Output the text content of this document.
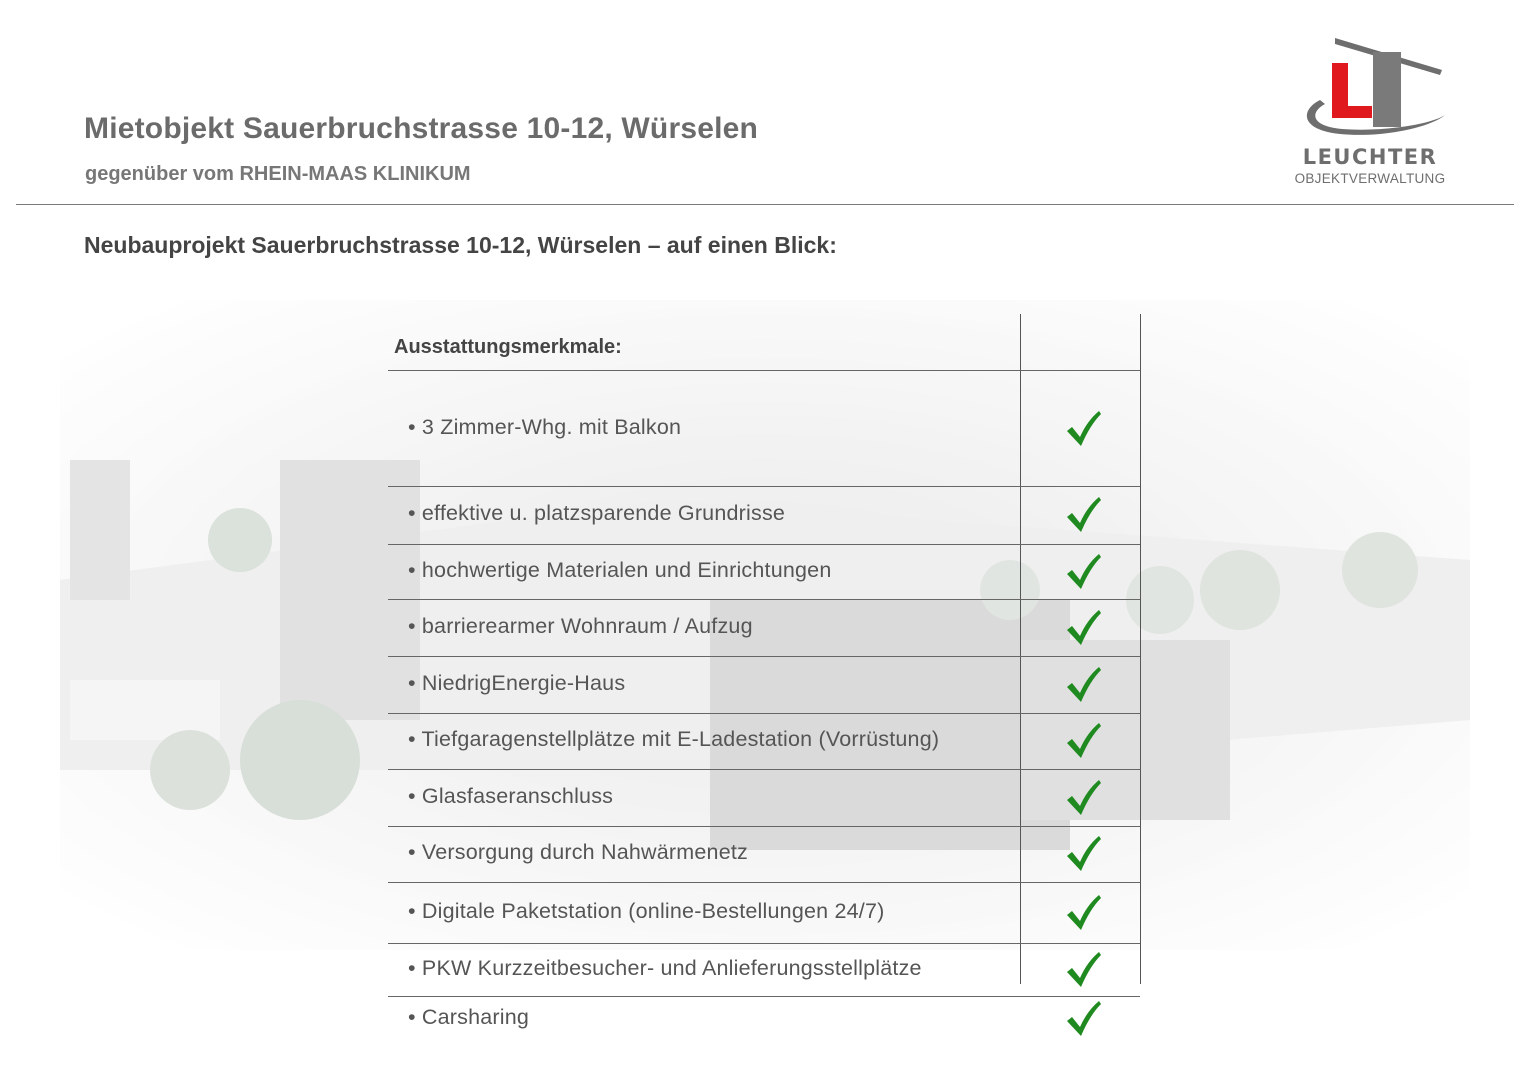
Mietobjekt Sauerbruchstrasse 10-12, Würselen
gegenüber vom RHEIN-MAAS KLINIKUM
LEUCHTER
OBJEKTVERWALTUNG
Neubauprojekt Sauerbruchstrasse 10-12, Würselen – auf einen Blick:
Ausstattungsmerkmale:
• 3 Zimmer-Whg. mit Balkon
• effektive u. platzsparende Grundrisse
• hochwertige Materialen und Einrichtungen
• barrierearmer Wohnraum / Aufzug
• NiedrigEnergie-Haus
• Tiefgaragenstellplätze mit E-Ladestation (Vorrüstung)
• Glasfaseranschluss
• Versorgung durch Nahwärmenetz
• Digitale Paketstation (online-Bestellungen 24/7)
• PKW Kurzzeitbesucher- und Anlieferungsstellplätze
• Carsharing
